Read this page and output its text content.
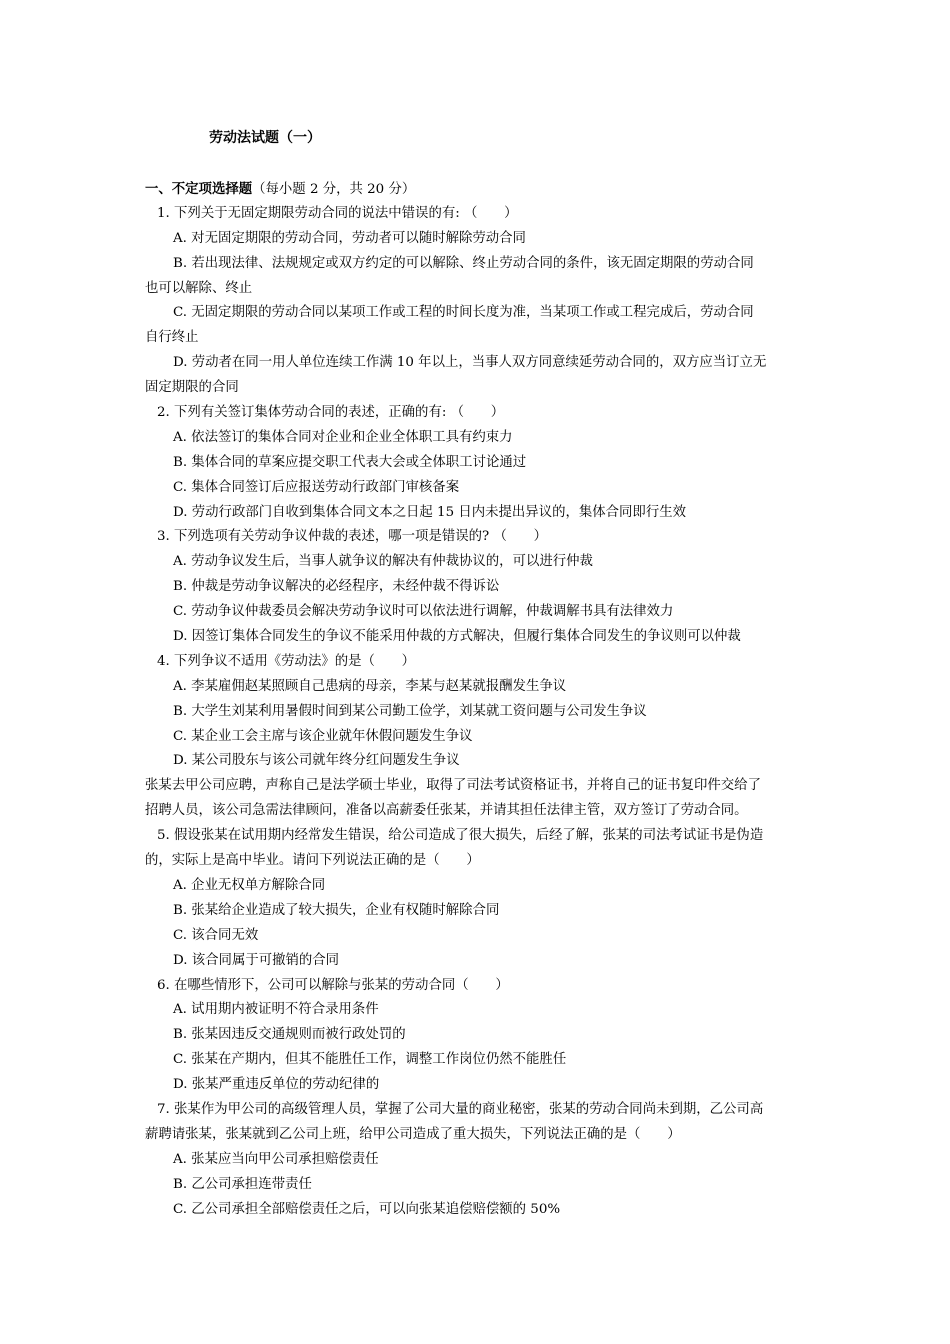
劳动法试题（一）
一、不定项选择题（每小题 2 分，共 20 分）
1. 下列关于无固定期限劳动合同的说法中错误的有: （　　）
A. 对无固定期限的劳动合同，劳动者可以随时解除劳动合同
B. 若出现法律、法规规定或双方约定的可以解除、终止劳动合同的条件，该无固定期限的劳动合同
也可以解除、终止
C. 无固定期限的劳动合同以某项工作或工程的时间长度为准，当某项工作或工程完成后，劳动合同
自行终止
D. 劳动者在同一用人单位连续工作满 10 年以上，当事人双方同意续延劳动合同的，双方应当订立无
固定期限的合同
2. 下列有关签订集体劳动合同的表述，正确的有: （　　）
A. 依法签订的集体合同对企业和企业全体职工具有约束力
B. 集体合同的草案应提交职工代表大会或全体职工讨论通过
C. 集体合同签订后应报送劳动行政部门审核备案
D. 劳动行政部门自收到集体合同文本之日起 15 日内未提出异议的，集体合同即行生效
3. 下列选项有关劳动争议仲裁的表述，哪一项是错误的? （　　）
A. 劳动争议发生后，当事人就争议的解决有仲裁协议的，可以进行仲裁
B. 仲裁是劳动争议解决的必经程序，未经仲裁不得诉讼
C. 劳动争议仲裁委员会解决劳动争议时可以依法进行调解，仲裁调解书具有法律效力
D. 因签订集体合同发生的争议不能采用仲裁的方式解决，但履行集体合同发生的争议则可以仲裁
4. 下列争议不适用《劳动法》的是（　　）
A. 李某雇佣赵某照顾自己患病的母亲，李某与赵某就报酬发生争议
B. 大学生刘某利用暑假时间到某公司勤工俭学，刘某就工资问题与公司发生争议
C. 某企业工会主席与该企业就年休假问题发生争议
D. 某公司股东与该公司就年终分红问题发生争议
张某去甲公司应聘，声称自己是法学硕士毕业，取得了司法考试资格证书，并将自己的证书复印件交给了
招聘人员，该公司急需法律顾问，准备以高薪委任张某，并请其担任法律主管，双方签订了劳动合同。
5. 假设张某在试用期内经常发生错误，给公司造成了很大损失，后经了解，张某的司法考试证书是伪造
的，实际上是高中毕业。请问下列说法正确的是（　　）
A. 企业无权单方解除合同
B. 张某给企业造成了较大损失，企业有权随时解除合同
C. 该合同无效
D. 该合同属于可撤销的合同
6. 在哪些情形下，公司可以解除与张某的劳动合同（　　）
A. 试用期内被证明不符合录用条件
B. 张某因违反交通规则而被行政处罚的
C. 张某在产期内，但其不能胜任工作，调整工作岗位仍然不能胜任
D. 张某严重违反单位的劳动纪律的
7. 张某作为甲公司的高级管理人员，掌握了公司大量的商业秘密，张某的劳动合同尚未到期，乙公司高
薪聘请张某，张某就到乙公司上班，给甲公司造成了重大损失，下列说法正确的是（　　）
A. 张某应当向甲公司承担赔偿责任
B. 乙公司承担连带责任
C. 乙公司承担全部赔偿责任之后，可以向张某追偿赔偿额的 50%
